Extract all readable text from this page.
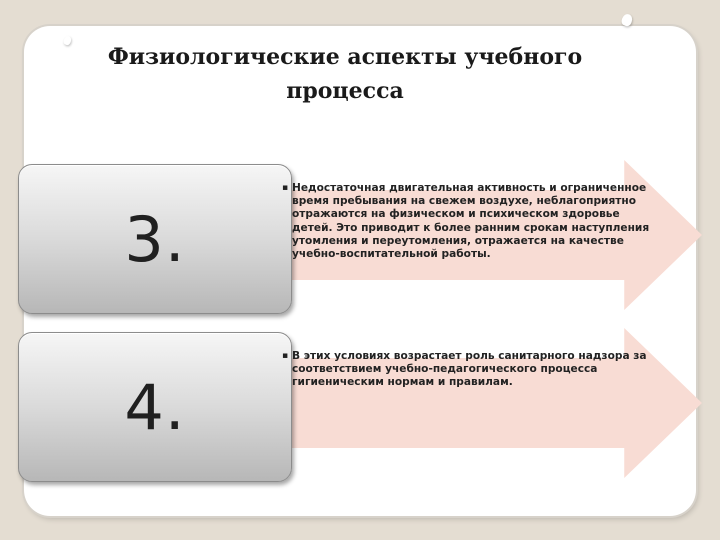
Физиологические аспекты учебного процесса
3.
▪ Недостаточная двигательная активность и ограниченное время пребывания на свежем воздухе, неблагоприятно отражаются на физическом и психическом здоровье детей. Это приводит к более ранним срокам наступления утомления и переутомления, отражается на качестве учебно-воспитательной работы.
4.
▪ В этих условиях возрастает роль санитарного надзора за соответствием учебно-педагогического процесса гигиеническим нормам и правилам.
